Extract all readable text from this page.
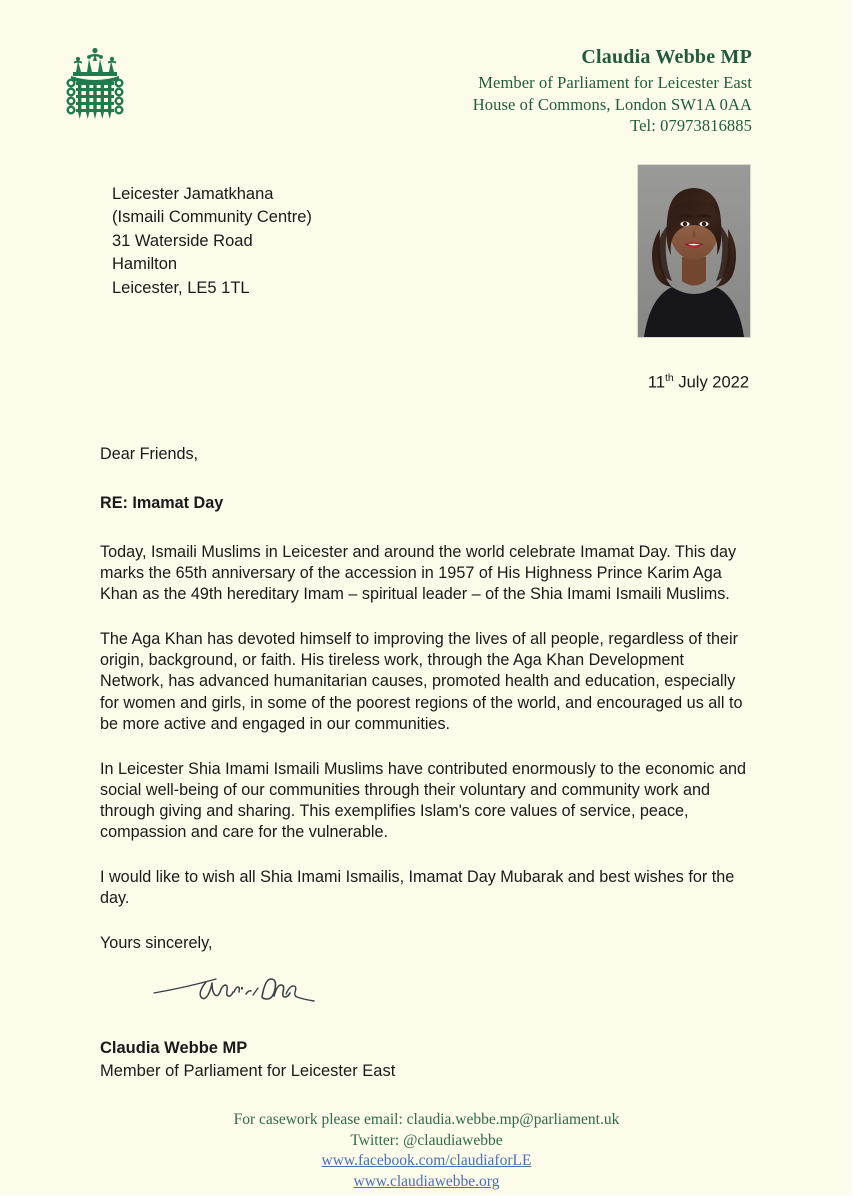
Claudia Webbe MP
Member of Parliament for Leicester East
House of Commons, London SW1A 0AA
Tel: 07973816885
Leicester Jamatkhana
(Ismaili Community Centre)
31 Waterside Road
Hamilton
Leicester, LE5 1TL
11th July 2022

Dear Friends,

RE: Imamat Day

Today, Ismaili Muslims in Leicester and around the world celebrate Imamat Day. This day marks the 65th anniversary of the accession in 1957 of His Highness Prince Karim Aga Khan as the 49th hereditary Imam – spiritual leader – of the Shia Imami Ismaili Muslims.

The Aga Khan has devoted himself to improving the lives of all people, regardless of their origin, background, or faith. His tireless work, through the Aga Khan Development Network, has advanced humanitarian causes, promoted health and education, especially for women and girls, in some of the poorest regions of the world, and encouraged us all to be more active and engaged in our communities.

In Leicester Shia Imami Ismaili Muslims have contributed enormously to the economic and social well-being of our communities through their voluntary and community work and through giving and sharing. This exemplifies Islam's core values of service, peace, compassion and care for the vulnerable.

I would like to wish all Shia Imami Ismailis, Imamat Day Mubarak and best wishes for the day.

Yours sincerely,

Claudia Webbe MP
Member of Parliament for Leicester East
For casework please email: claudia.webbe.mp@parliament.uk
Twitter: @claudiawebbe
www.facebook.com/claudiaforLE
www.claudiawebbe.org
